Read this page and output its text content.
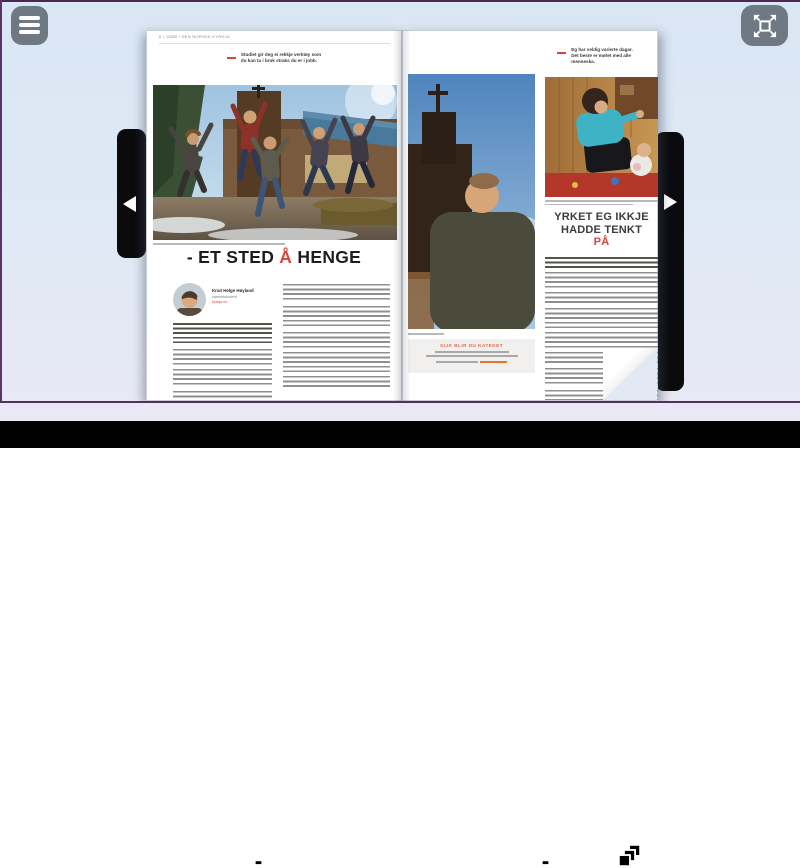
6 | JOBB I DEN NORSKE KYRKJA
Studiet gir deg ei rekkje verktøy som
du kan ta i bruk straks du er i jobb.
- ET STED Å HENGE
Knut Helge Høyland
kateketstudent
kyrkja.no
SLIK BLIR DU KATEKET
Eg har veldig varierte dagar.
Det beste er møtet med alle
menneska.
YRKET EG IKKJE
HADDE TENKT
PÅ
Side 6 / 16
